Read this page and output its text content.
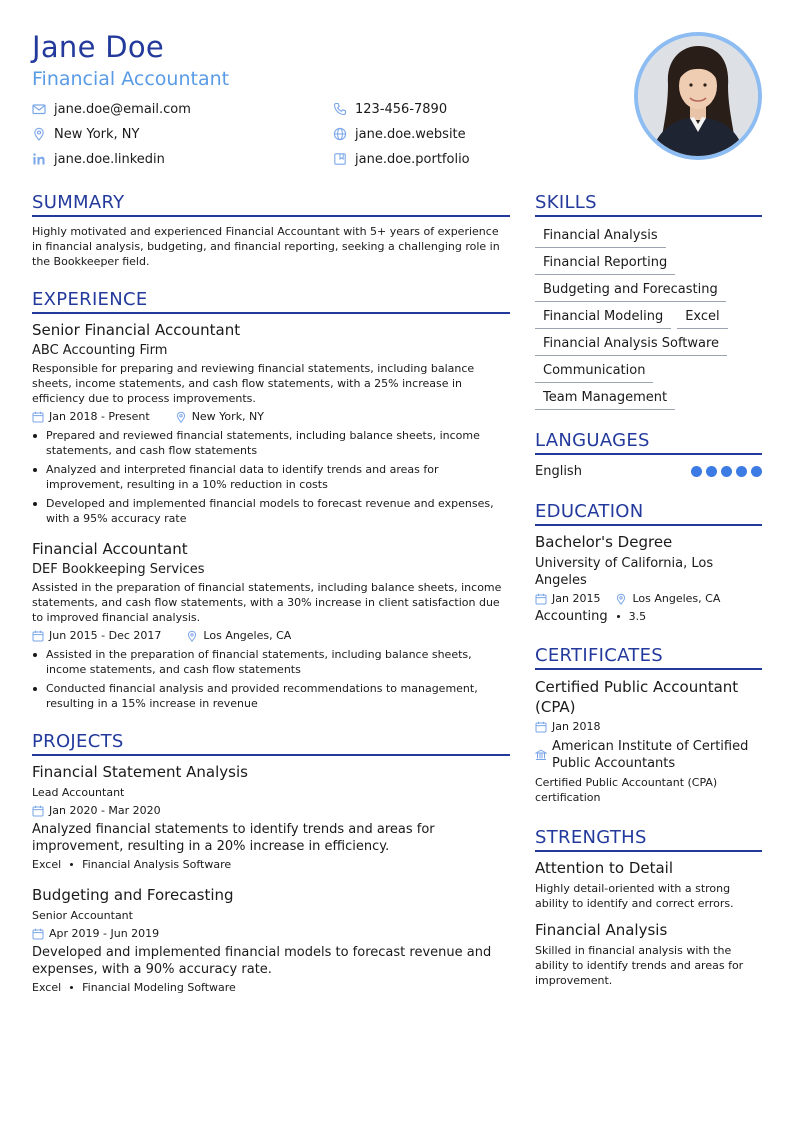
Jane Doe
Financial Accountant
jane.doe@email.com	123-456-7890
New York, NY	jane.doe.website
jane.doe.linkedin	jane.doe.portfolio
SUMMARY
Highly motivated and experienced Financial Accountant with 5+ years of experience in financial analysis, budgeting, and financial reporting, seeking a challenging role in the Bookkeeper field.
EXPERIENCE
Senior Financial Accountant
ABC Accounting Firm
Responsible for preparing and reviewing financial statements, including balance sheets, income statements, and cash flow statements, with a 25% increase in efficiency due to process improvements.
Jan 2018 - Present	New York, NY
Prepared and reviewed financial statements, including balance sheets, income statements, and cash flow statements
Analyzed and interpreted financial data to identify trends and areas for improvement, resulting in a 10% reduction in costs
Developed and implemented financial models to forecast revenue and expenses, with a 95% accuracy rate
Financial Accountant
DEF Bookkeeping Services
Assisted in the preparation of financial statements, including balance sheets, income statements, and cash flow statements, with a 30% increase in client satisfaction due to improved financial analysis.
Jun 2015 - Dec 2017	Los Angeles, CA
Assisted in the preparation of financial statements, including balance sheets, income statements, and cash flow statements
Conducted financial analysis and provided recommendations to management, resulting in a 15% increase in revenue
PROJECTS
Financial Statement Analysis
Lead Accountant
Jan 2020 - Mar 2020
Analyzed financial statements to identify trends and areas for improvement, resulting in a 20% increase in efficiency.
Excel Financial Analysis Software
Budgeting and Forecasting
Senior Accountant
Apr 2019 - Jun 2019
Developed and implemented financial models to forecast revenue and expenses, with a 90% accuracy rate.
Excel Financial Modeling Software
SKILLS
Financial Analysis
Financial Reporting
Budgeting and Forecasting
Financial Modeling Excel
Financial Analysis Software
Communication
Team Management
LANGUAGES
English
EDUCATION
Bachelor's Degree
University of California, Los Angeles
Jan 2015	Los Angeles, CA
Accounting 3.5
CERTIFICATES
Certified Public Accountant (CPA)
Jan 2018
American Institute of Certified Public Accountants
Certified Public Accountant (CPA) certification
STRENGTHS
Attention to Detail
Highly detail-oriented with a strong ability to identify and correct errors.
Financial Analysis
Skilled in financial analysis with the ability to identify trends and areas for improvement.
